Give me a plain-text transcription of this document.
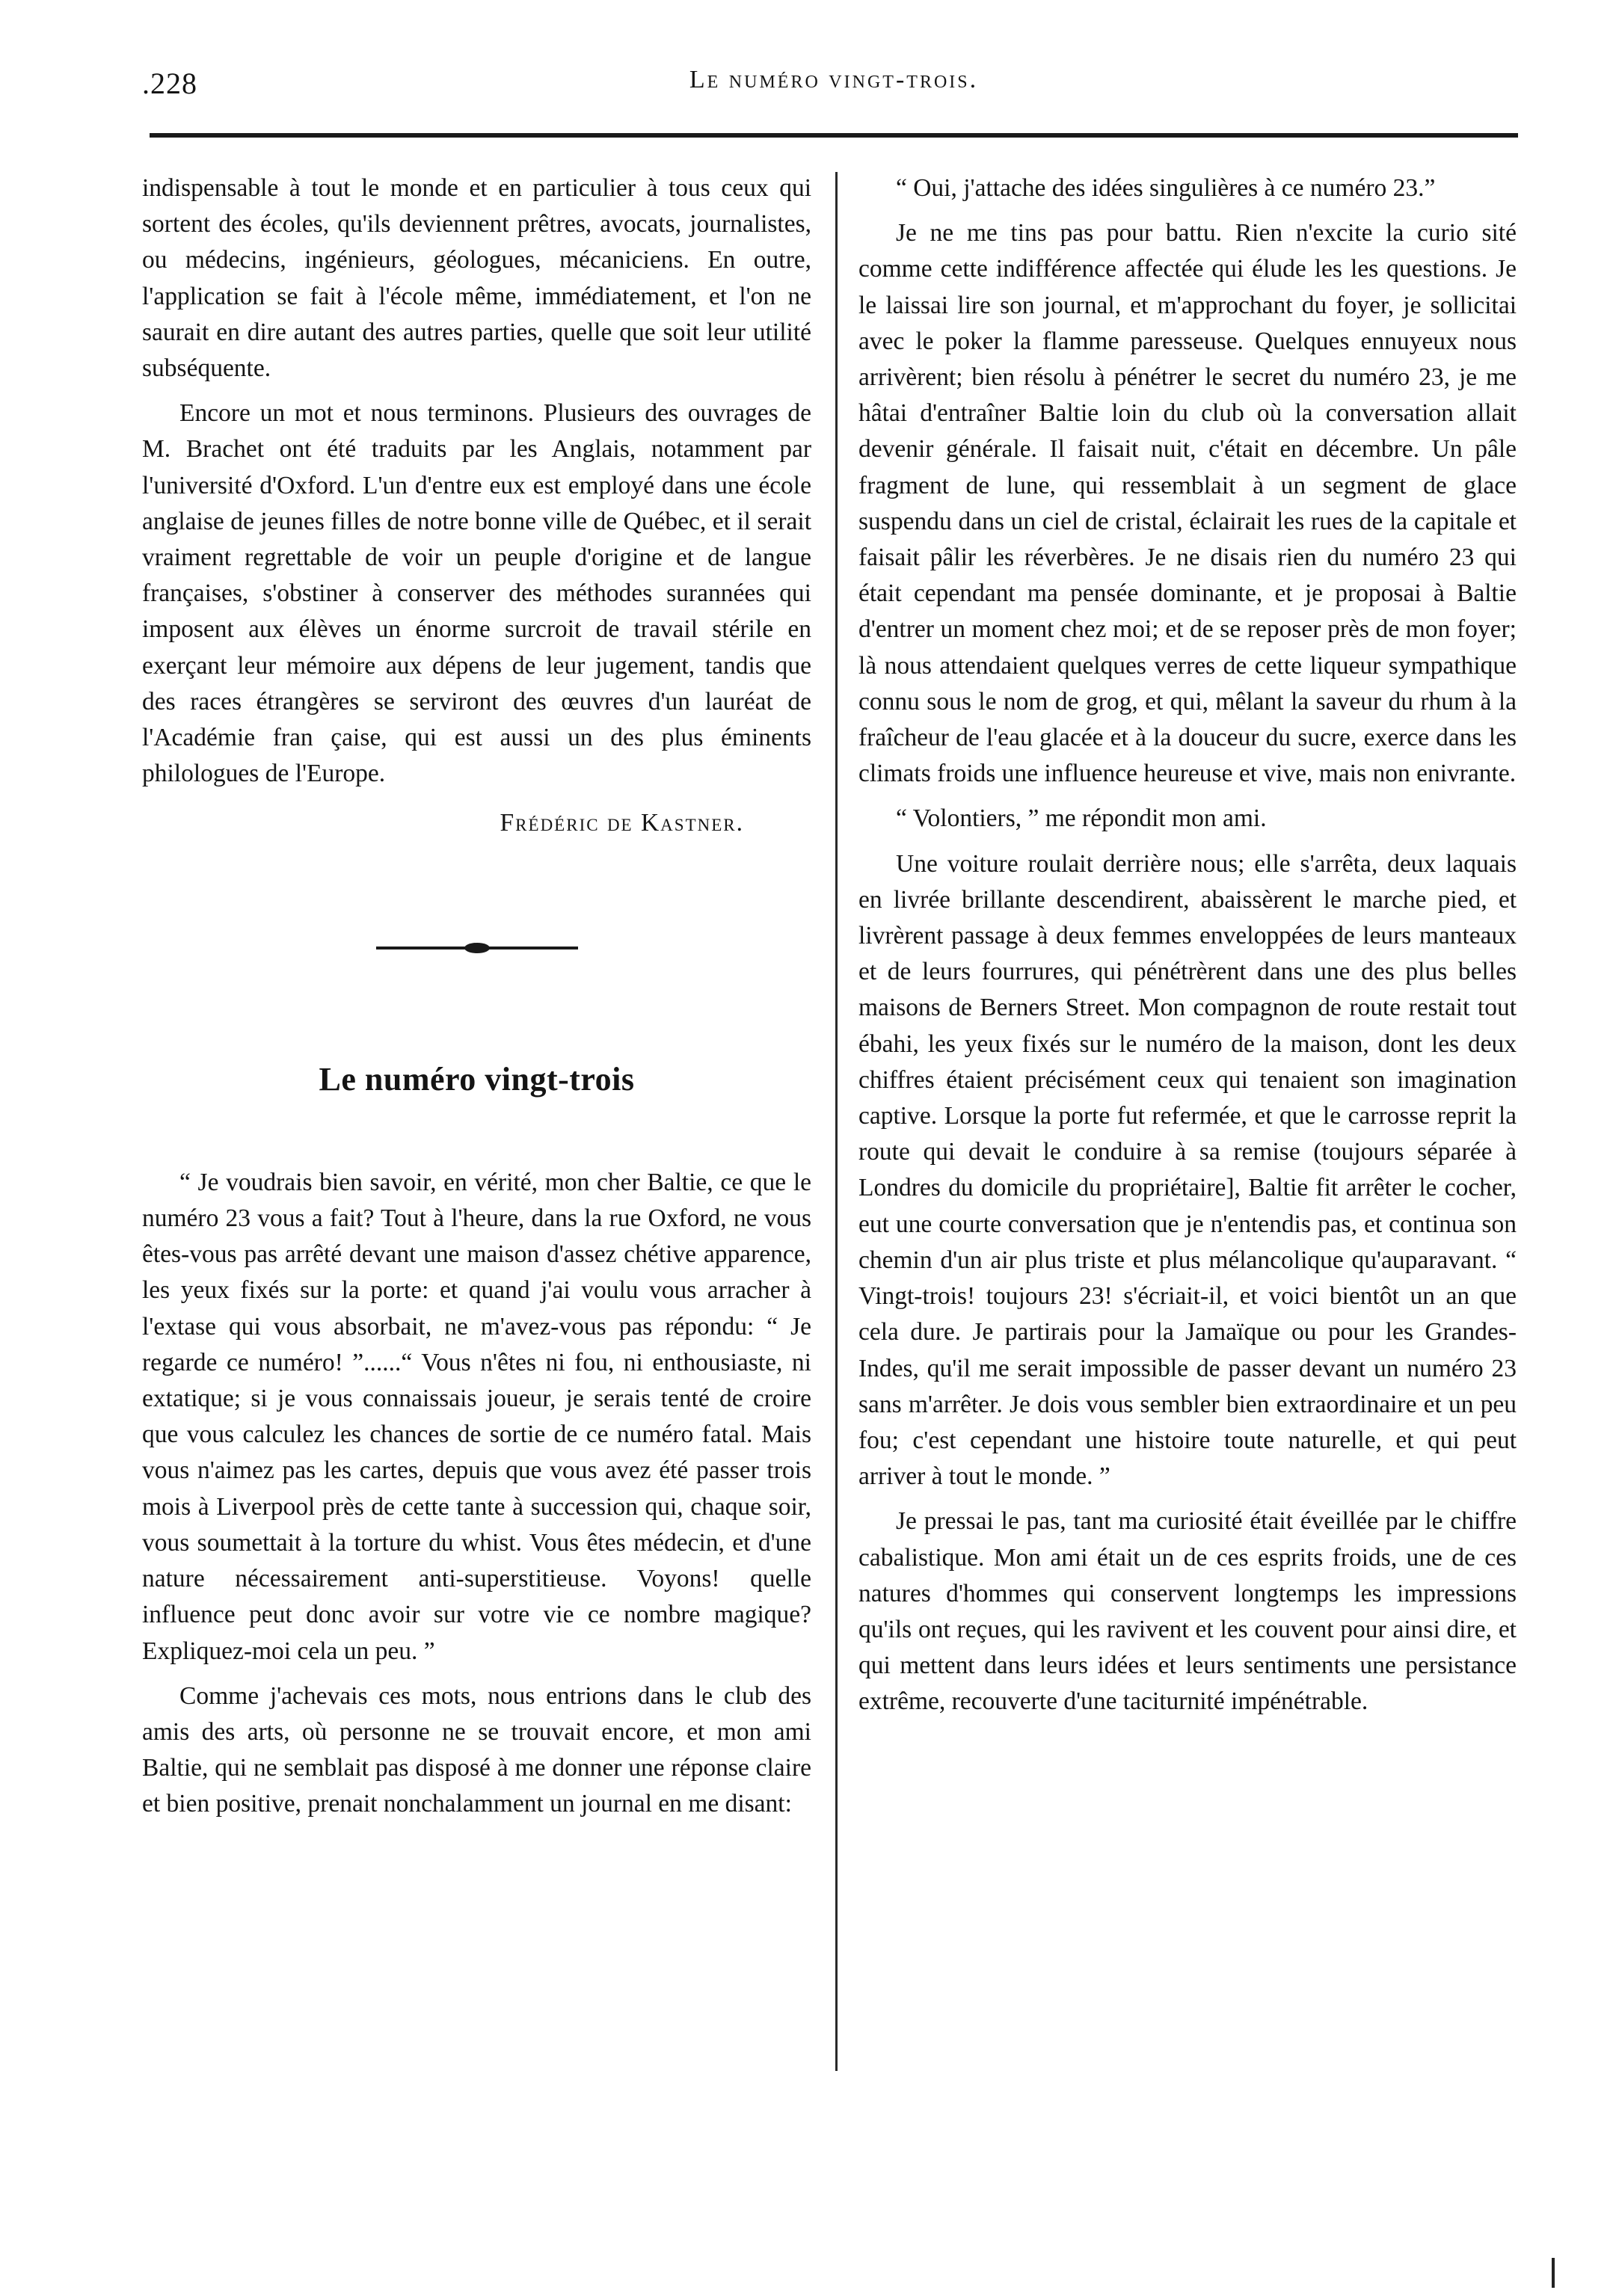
.228	Le numéro vingt-trois.

indispensable à tout le monde et en particulier à tous ceux qui sortent des écoles, qu'ils deviennent prêtres, avocats, journalistes, ou médecins, ingénieurs, géologues, mécaniciens. En outre, l'application se fait à l'école même, immédiatement, et l'on ne saurait en dire autant des autres parties, quelle que soit leur utilité subséquente.

Encore un mot et nous terminons. Plusieurs des ouvrages de M. Brachet ont été traduits par les Anglais, notamment par l'université d'Oxford. L'un d'entre eux est employé dans une école anglaise de jeunes filles de notre bonne ville de Québec, et il serait vraiment regrettable de voir un peuple d'origine et de langue françaises, s'obstiner à conserver des méthodes surannées qui imposent aux élèves un énorme surcroit de travail stérile en exerçant leur mémoire aux dépens de leur jugement, tandis que des races étrangères se serviront des œuvres d'un lauréat de l'Académie fran çaise, qui est aussi un des plus éminents philologues de l'Europe.

Frédéric de Kastner.

Le numéro vingt-trois

“ Je voudrais bien savoir, en vérité, mon cher Baltie, ce que le numéro 23 vous a fait? Tout à l'heure, dans la rue Oxford, ne vous êtes-vous pas arrêté devant une maison d'assez chétive apparence, les yeux fixés sur la porte: et quand j'ai voulu vous arracher à l'extase qui vous absorbait, ne m'avez-vous pas répondu: “ Je regarde ce numéro! ”......“ Vous n'êtes ni fou, ni enthousiaste, ni extatique; si je vous connaissais joueur, je serais tenté de croire que vous calculez les chances de sortie de ce numéro fatal. Mais vous n'aimez pas les cartes, depuis que vous avez été passer trois mois à Liverpool près de cette tante à succession qui, chaque soir, vous soumettait à la torture du whist. Vous êtes médecin, et d'une nature nécessairement anti-superstitieuse. Voyons! quelle influence peut donc avoir sur votre vie ce nombre magique? Expliquez-moi cela un peu. ”

Comme j'achevais ces mots, nous entrions dans le club des amis des arts, où personne ne se trouvait encore, et mon ami Baltie, qui ne semblait pas disposé à me donner une réponse claire et bien positive, prenait nonchalamment un journal en me disant:

“ Oui, j'attache des idées singulières à ce numéro 23.”

Je ne me tins pas pour battu. Rien n'excite la curio sité comme cette indifférence affectée qui élude les les questions. Je le laissai lire son journal, et m'approchant du foyer, je sollicitai avec le poker la flamme paresseuse. Quelques ennuyeux nous arrivèrent; bien résolu à pénétrer le secret du numéro 23, je me hâtai d'entraîner Baltie loin du club où la conversation allait devenir générale. Il faisait nuit, c'était en décembre. Un pâle fragment de lune, qui ressemblait à un segment de glace suspendu dans un ciel de cristal, éclairait les rues de la capitale et faisait pâlir les réverbères. Je ne disais rien du numéro 23 qui était cependant ma pensée dominante, et je proposai à Baltie d'entrer un moment chez moi; et de se reposer près de mon foyer; là nous attendaient quelques verres de cette liqueur sympathique connu sous le nom de grog, et qui, mêlant la saveur du rhum à la fraîcheur de l'eau glacée et à la douceur du sucre, exerce dans les climats froids une influence heureuse et vive, mais non enivrante.

“ Volontiers, ” me répondit mon ami.

Une voiture roulait derrière nous; elle s'arrêta, deux laquais en livrée brillante descendirent, abaissèrent le marche pied, et livrèrent passage à deux femmes enveloppées de leurs manteaux et de leurs fourrures, qui pénétrèrent dans une des plus belles maisons de Berners Street. Mon compagnon de route restait tout ébahi, les yeux fixés sur le numéro de la maison, dont les deux chiffres étaient précisément ceux qui tenaient son imagination captive. Lorsque la porte fut refermée, et que le carrosse reprit la route qui devait le conduire à sa remise (toujours séparée à Londres du domicile du propriétaire], Baltie fit arrêter le cocher, eut une courte conversation que je n'entendis pas, et continua son chemin d'un air plus triste et plus mélancolique qu'auparavant. “ Vingt-trois! toujours 23! s'écriait-il, et voici bientôt un an que cela dure. Je partirais pour la Jamaïque ou pour les Grandes-Indes, qu'il me serait impossible de passer devant un numéro 23 sans m'arrêter. Je dois vous sembler bien extraordinaire et un peu fou; c'est cependant une histoire toute naturelle, et qui peut arriver à tout le monde. ”

Je pressai le pas, tant ma curiosité était éveillée par le chiffre cabalistique. Mon ami était un de ces esprits froids, une de ces natures d'hommes qui conservent longtemps les impressions qu'ils ont reçues, qui les ravivent et les couvent pour ainsi dire, et qui mettent dans leurs idées et leurs sentiments une persistance extrême, recouverte d'une taciturnité impénétrable.
